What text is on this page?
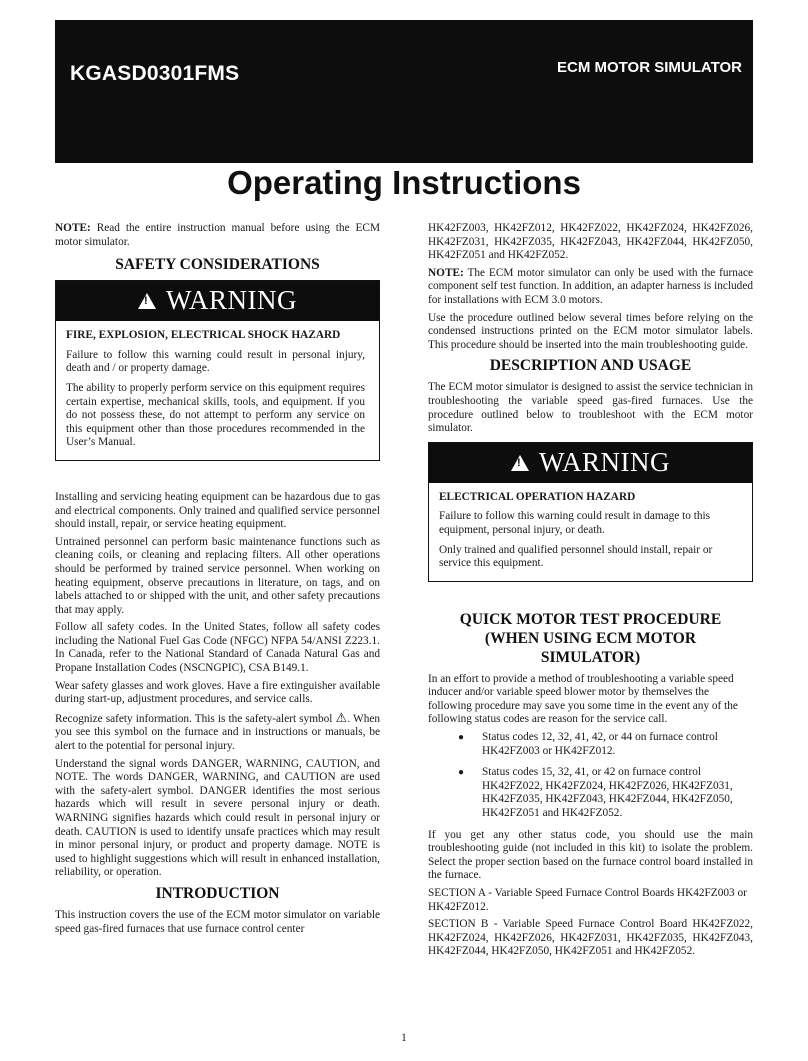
KGASD0301FMS	ECM MOTOR SIMULATOR
Operating Instructions

NOTE: Read the entire instruction manual before using the ECM motor simulator.

SAFETY CONSIDERATIONS
!
WARNING

FIRE, EXPLOSION, ELECTRICAL SHOCK HAZARD

Failure to follow this warning could result in personal injury, death and / or property damage.

The ability to properly perform service on this equipment requires certain expertise, mechanical skills, tools, and equipment. If you do not possess these, do not attempt to perform any service on this equipment other than those procedures recommended in the User’s Manual.

Installing and servicing heating equipment can be hazardous due to gas and electrical components. Only trained and qualified service personnel should install, repair, or service heating equipment.

Untrained personnel can perform basic maintenance functions such as cleaning coils, or cleaning and replacing filters. All other operations should be performed by trained service personnel. When working on heating equipment, observe precautions in literature, on tags, and on labels attached to or shipped with the unit, and other safety precautions that may apply.

Follow all safety codes. In the United States, follow all safety codes including the National Fuel Gas Code (NFGC) NFPA 54/ANSI Z223.1. In Canada, refer to the National Standard of Canada Natural Gas and Propane Installation Codes (NSCNGPIC), CSA B149.1.

Wear safety glasses and work gloves. Have a fire extinguisher available during start-up, adjustment procedures, and service calls.

Recognize safety information. This is the safety-alert symbol ⚠. When you see this symbol on the furnace and in instructions or manuals, be alert to the potential for personal injury.

Understand the signal words DANGER, WARNING, CAUTION, and NOTE. The words DANGER, WARNING, and CAUTION are used with the safety-alert symbol. DANGER identifies the most serious hazards which will result in severe personal injury or death. WARNING signifies hazards which could result in personal injury or death. CAUTION is used to identify unsafe practices which may result in minor personal injury, or product and property damage. NOTE is used to highlight suggestions which will result in enhanced installation, reliability, or operation.

INTRODUCTION

This instruction covers the use of the ECM motor simulator on variable speed gas-fired furnaces that use furnace control center

HK42FZ003, HK42FZ012, HK42FZ022, HK42FZ024, HK42FZ026, HK42FZ031, HK42FZ035, HK42FZ043, HK42FZ044, HK42FZ050, HK42FZ051 and HK42FZ052.

NOTE: The ECM motor simulator can only be used with the furnace component self test function. In addition, an adapter harness is included for installations with ECM 3.0 motors.

Use the procedure outlined below several times before relying on the condensed instructions printed on the ECM motor simulator labels. This procedure should be inserted into the main troubleshooting guide.

DESCRIPTION AND USAGE

The ECM motor simulator is designed to assist the service technician in troubleshooting the variable speed gas-fired furnaces. Use the procedure outlined below to troubleshoot with the ECM motor simulator.

!
WARNING

ELECTRICAL OPERATION HAZARD

Failure to follow this warning could result in damage to this equipment, personal injury, or death.

Only trained and qualified personnel should install, repair or service this equipment.

QUICK MOTOR TEST PROCEDURE (WHEN USING ECM MOTOR SIMULATOR)

In an effort to provide a method of troubleshooting a variable speed inducer and/or variable speed blower motor by themselves the following procedure may save you some time in the event any of the following status codes are reason for the service call.

● Status codes 12, 32, 41, 42, or 44 on furnace control HK42FZ003 or HK42FZ012.
● Status codes 15, 32, 41, or 42 on furnace control HK42FZ022, HK42FZ024, HK42FZ026, HK42FZ031, HK42FZ035, HK42FZ043, HK42FZ044, HK42FZ050, HK42FZ051 and HK42FZ052.

If you get any other status code, you should use the main troubleshooting guide (not included in this kit) to isolate the problem. Select the proper section based on the furnace control board installed in the furnace.

SECTION A - Variable Speed Furnace Control Boards HK42FZ003 or HK42FZ012.

SECTION B - Variable Speed Furnace Control Board HK42FZ022, HK42FZ024, HK42FZ026, HK42FZ031, HK42FZ035, HK42FZ043, HK42FZ044, HK42FZ050, HK42FZ051 and HK42FZ052.

1
